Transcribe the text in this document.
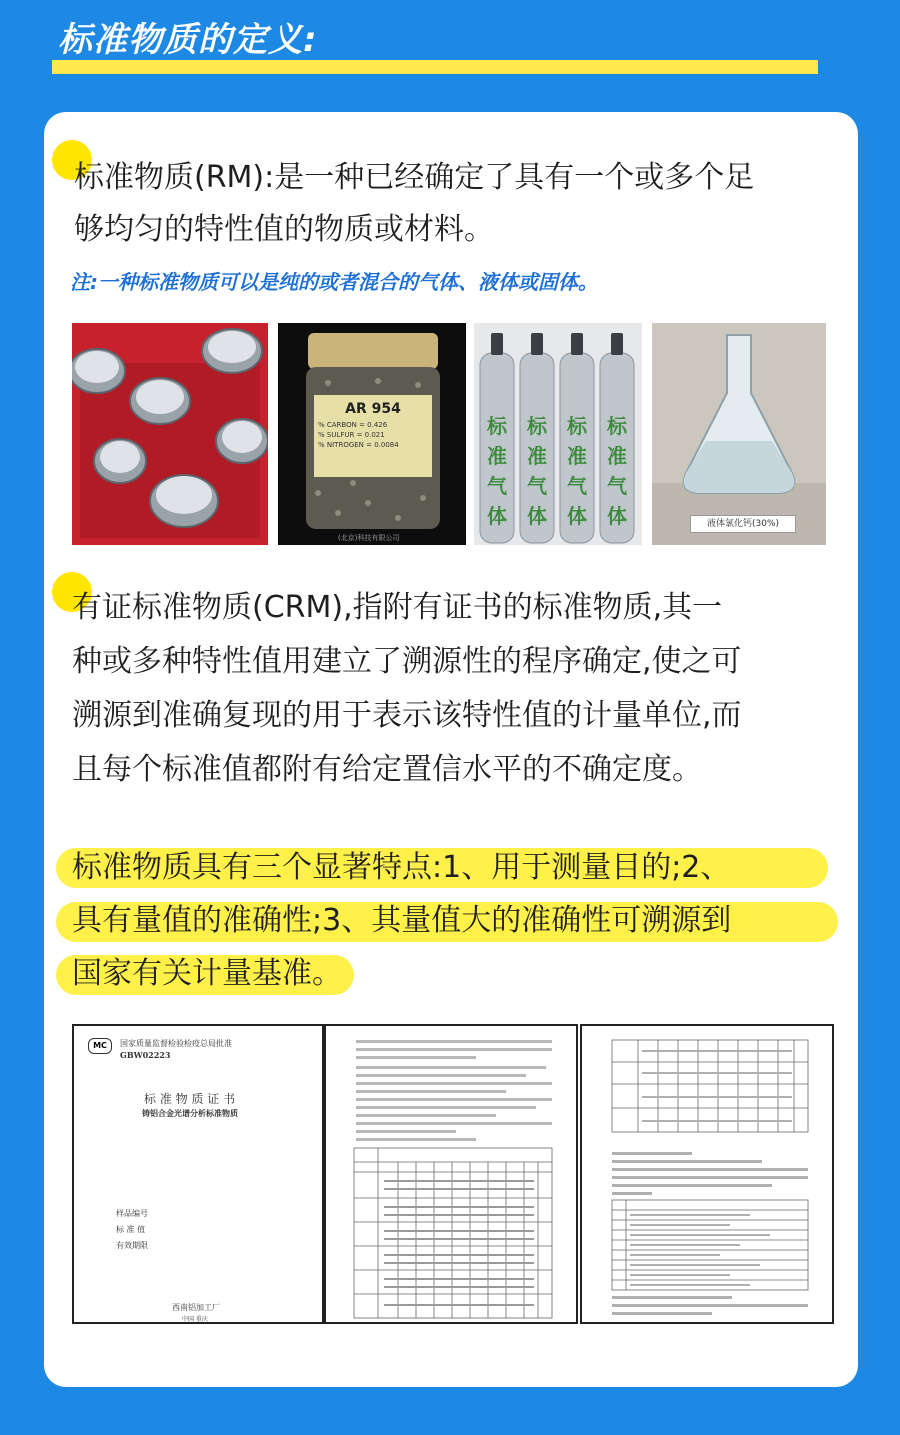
标准物质的定义:

标准物质(RM):是一种已经确定了具有一个或多个足

够均匀的特性值的物质或材料。

注:一种标准物质可以是纯的或者混合的气体、液体或固体。

AR 954
% CARBON = 0.426
% SULFUR = 0.021
% NITROGEN = 0.0084
(北京)科技有限公司
标
准
气
体
标
准
气
体
标
准
气
体
标
准
气
体	液体氯化钙(30%)

有证标准物质(CRM),指附有证书的标准物质,其一

种或多种特性值用建立了溯源性的程序确定,使之可

溯源到准确复现的用于表示该特性值的计量单位,而

且每个标准值都附有给定置信水平的不确定度。

标准物质具有三个显著特点:1、用于测量目的;2、

具有量值的准确性;3、其量值大的准确性可溯源到

国家有关计量基准。

MC	国家质量监督检验检疫总局批准
GBW02223
标 准 物 质 证 书
铸铝合金光谱分析标准物质
样品编号
标 准 值
有效期限
西南铝加工厂
中国 重庆
